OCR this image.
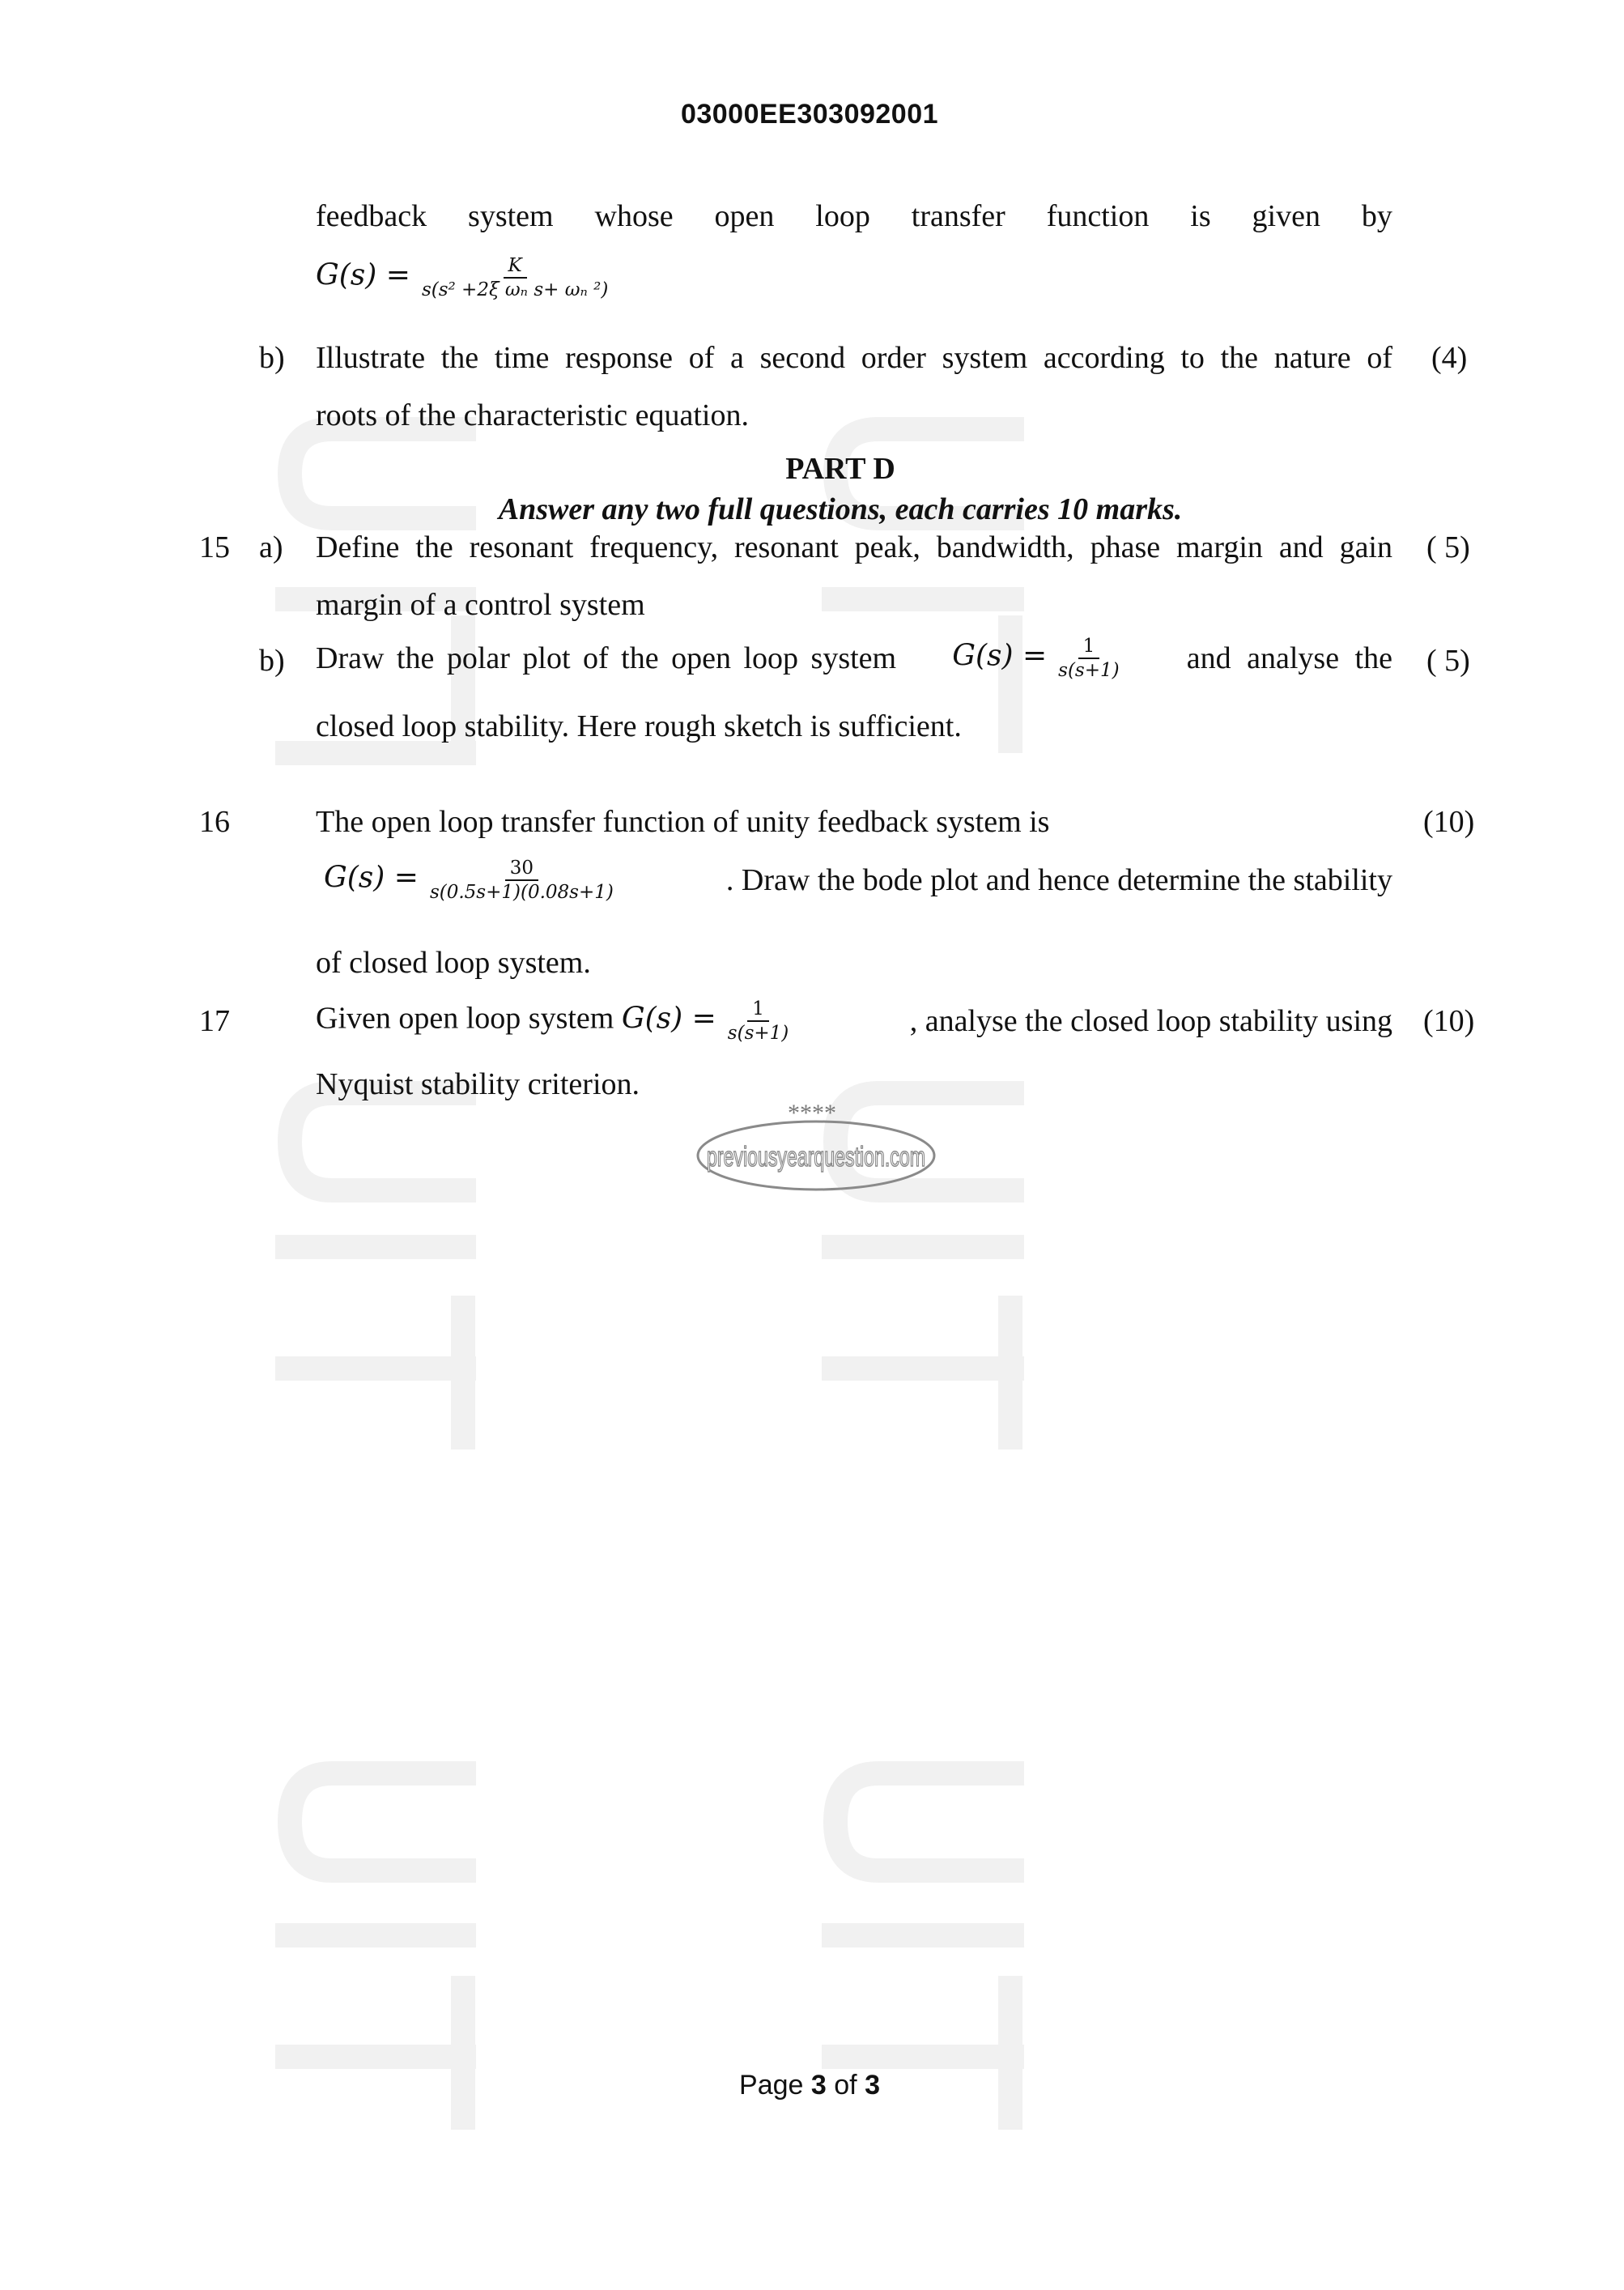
03000EE303092001
feedback system whose open loop transfer function is given by
$G(s) = \frac{K}{\text{s(s² +2ξ ωₙ s+ ωₙ ²)}}$
b) Illustrate the time response of a second order system according to the nature of (4)
roots of the characteristic equation.
PART D
Answer any two full questions, each carries 10 marks.
15 a) Define the resonant frequency, resonant peak, bandwidth, phase margin and gain ( 5)
margin of a control system
b) Draw the polar plot of the open loop system $G(s) = \frac{1}{s(s+1)}$ and analyse the ( 5)
closed loop stability. Here rough sketch is sufficient.
16	The open loop transfer function of unity feedback system is	(10)
$G(s) = \frac{30}{s(0.5s+1)(0.08s+1)}$	. Draw the bode plot and hence determine the stability
of closed loop system.
17	Given open loop system $G(s) = \frac{1}{s(s+1)}$	, analyse the closed loop stability using (10)
Nyquist stability criterion.
****
previousyearquestion.com
Page 3 of 3
